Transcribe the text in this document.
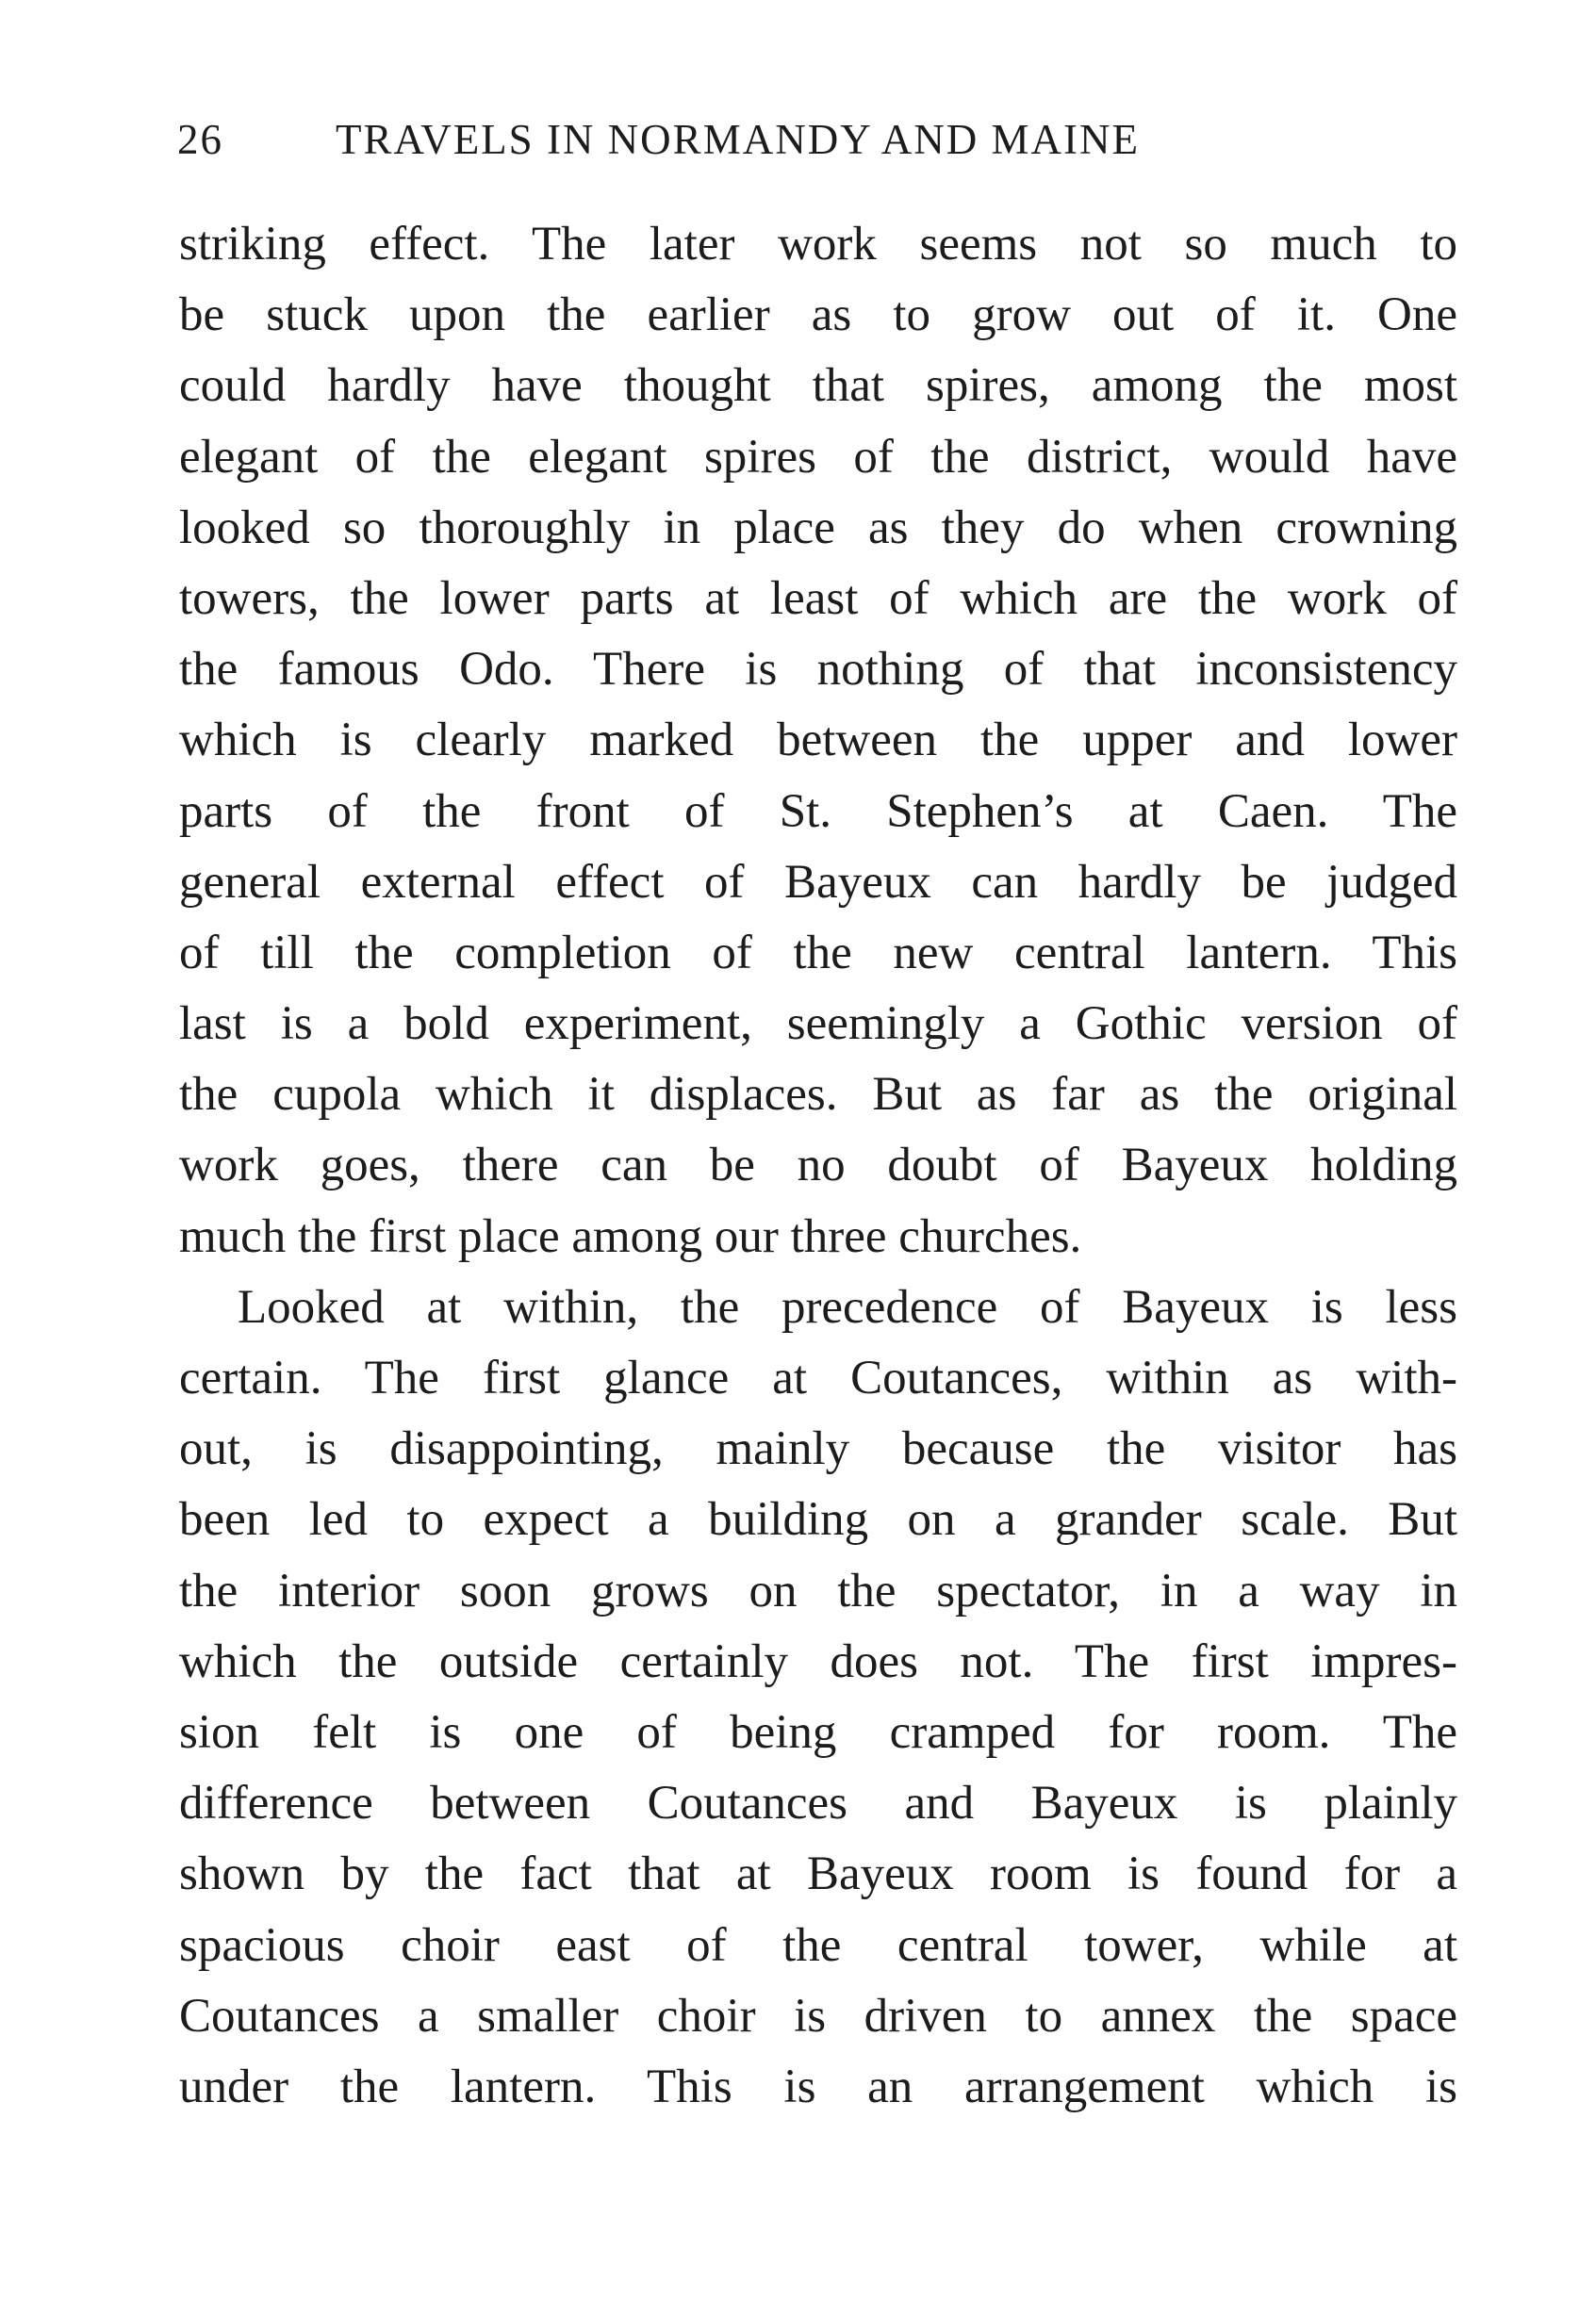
26	TRAVELS IN NORMANDY AND MAINE
striking effect. The later work seems not so much to
be stuck upon the earlier as to grow out of it. One
could hardly have thought that spires, among the most
elegant of the elegant spires of the district, would have
looked so thoroughly in place as they do when crowning
towers, the lower parts at least of which are the work of
the famous Odo. There is nothing of that inconsistency
which is clearly marked between the upper and lower
parts of the front of St. Stephen’s at Caen. The
general external effect of Bayeux can hardly be judged
of till the completion of the new central lantern. This
last is a bold experiment, seemingly a Gothic version of
the cupola which it displaces. But as far as the original
work goes, there can be no doubt of Bayeux holding
much the first place among our three churches.
Looked at within, the precedence of Bayeux is less
certain. The first glance at Coutances, within as with-
out, is disappointing, mainly because the visitor has
been led to expect a building on a grander scale. But
the interior soon grows on the spectator, in a way in
which the outside certainly does not. The first impres-
sion felt is one of being cramped for room. The
difference between Coutances and Bayeux is plainly
shown by the fact that at Bayeux room is found for a
spacious choir east of the central tower, while at
Coutances a smaller choir is driven to annex the space
under the lantern. This is an arrangement which is
